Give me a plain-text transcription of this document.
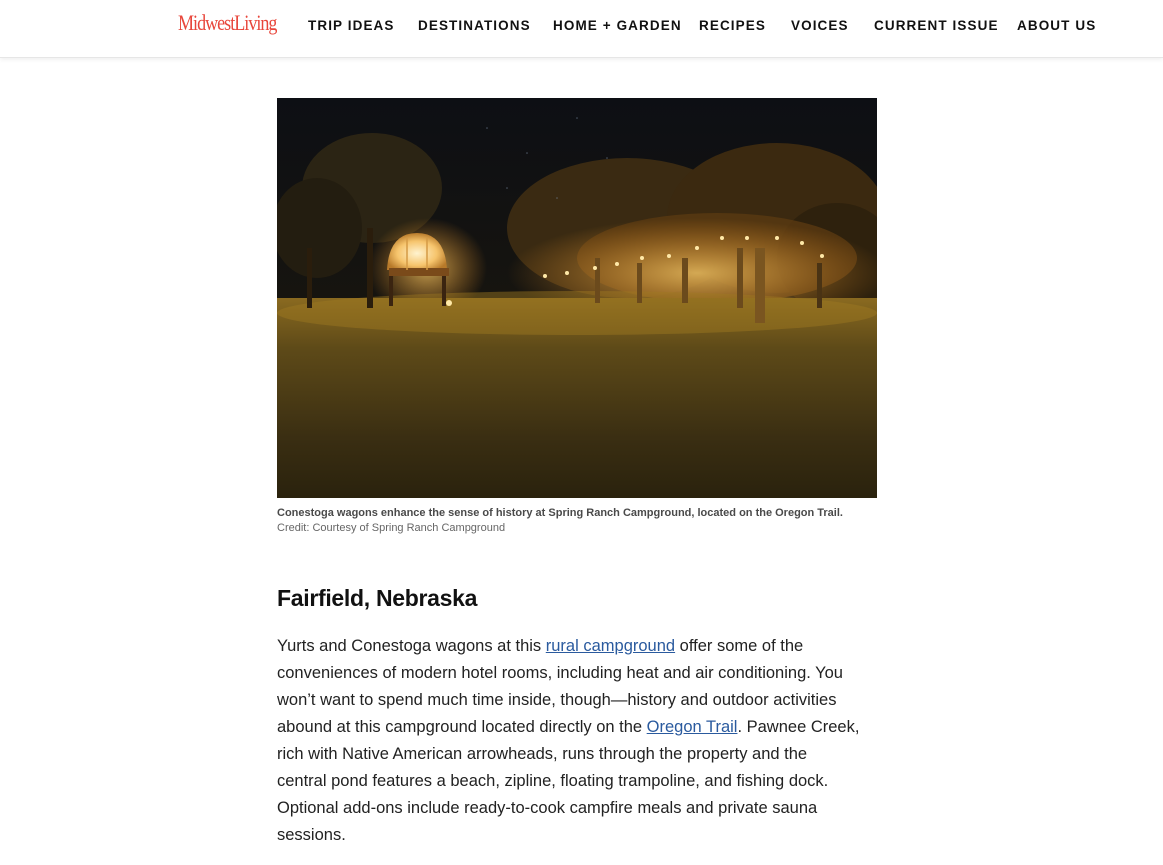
MidwestLiving TRIP IDEAS DESTINATIONS HOME + GARDEN RECIPES VOICES CURRENT ISSUE ABOUT US
Conestoga wagons enhance the sense of history at Spring Ranch Campground, located on the Oregon Trail.
Credit: Courtesy of Spring Ranch Campground
Fairfield, Nebraska
Yurts and Conestoga wagons at this rural campground offer some of the
conveniences of modern hotel rooms, including heat and air conditioning. You
won’t want to spend much time inside, though—history and outdoor activities
abound at this campground located directly on the Oregon Trail. Pawnee Creek,
rich with Native American arrowheads, runs through the property and the
central pond features a beach, zipline, floating trampoline, and fishing dock.
Optional add-ons include ready-to-cook campfire meals and private sauna
sessions.
